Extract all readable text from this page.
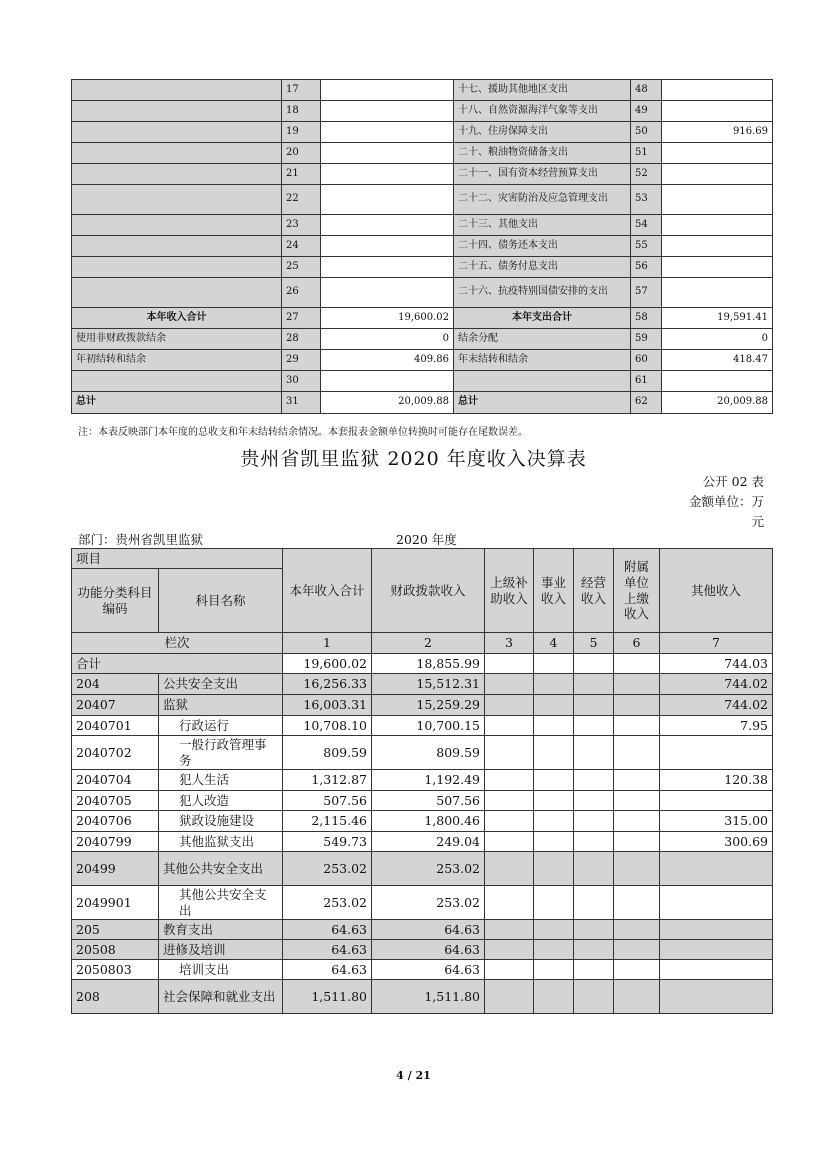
	17		十七、援助其他地区支出	48	
	18		十八、自然资源海洋气象等支出	49	
	19		十九、住房保障支出	50	916.69
	20		二十、粮油物资储备支出	51	
	21		二十一、国有资本经营预算支出	52	
	22		二十二、灾害防治及应急管理支出	53	
	23		二十三、其他支出	54	
	24		二十四、债务还本支出	55	
	25		二十五、债务付息支出	56	
	26		二十六、抗疫特别国债安排的支出	57	
本年收入合计	27	19,600.02	本年支出合计	58	19,591.41
使用非财政拨款结余	28	0	结余分配	59	0
年初结转和结余	29	409.86	年末结转和结余	60	418.47
	30			61	
总计	31	20,009.88	总计	62	20,009.88
注：本表反映部门本年度的总收支和年末结转结余情况。本套报表金额单位转换时可能存在尾数误差。
贵州省凯里监狱 2020 年度收入决算表
公开 02 表
金额单位：万
元
部门：贵州省凯里监狱	2020 年度
项目		本年收入合计	财政拨款收入	上级补助收入	事业收入	经营收入	附属单位上缴收入	其他收入
功能分类科目编码	科目名称							
栏次		1	2	3	4	5	6	7
合计		19,600.02	18,855.99					744.03
204	公共安全支出	16,256.33	15,512.31					744.02
20407	监狱	16,003.31	15,259.29					744.02
2040701	行政运行	10,708.10	10,700.15					7.95
2040702	一般行政管理事务	809.59	809.59					
2040704	犯人生活	1,312.87	1,192.49					120.38
2040705	犯人改造	507.56	507.56					
2040706	狱政设施建设	2,115.46	1,800.46					315.00
2040799	其他监狱支出	549.73	249.04					300.69
20499	其他公共安全支出	253.02	253.02					
2049901	其他公共安全支出	253.02	253.02					
205	教育支出	64.63	64.63					
20508	进修及培训	64.63	64.63					
2050803	培训支出	64.63	64.63					
208	社会保障和就业支出	1,511.80	1,511.80					
4 / 21
